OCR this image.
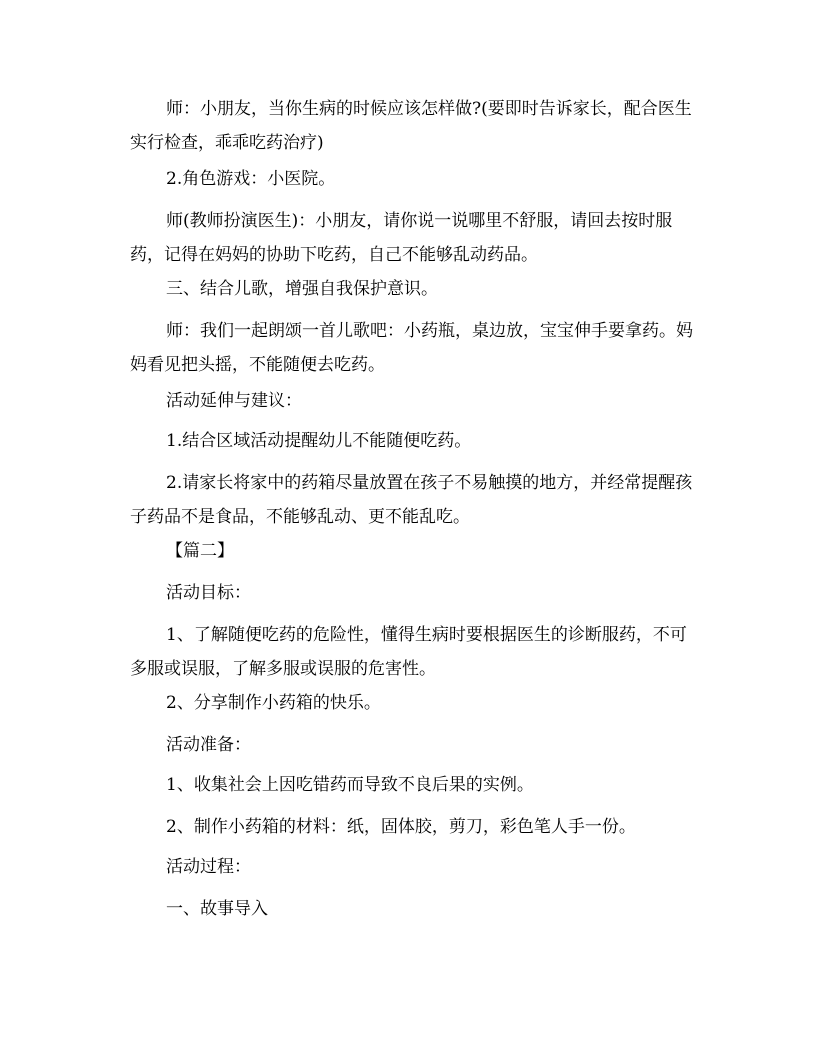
师：小朋友，当你生病的时候应该怎样做?(要即时告诉家长，配合医生实行检查，乖乖吃药治疗)

2.角色游戏：小医院。

师(教师扮演医生)：小朋友，请你说一说哪里不舒服，请回去按时服药，记得在妈妈的协助下吃药，自己不能够乱动药品。

三、结合儿歌，增强自我保护意识。

师：我们一起朗颂一首儿歌吧：小药瓶，桌边放，宝宝伸手要拿药。妈妈看见把头摇，不能随便去吃药。

活动延伸与建议：

1.结合区域活动提醒幼儿不能随便吃药。

2.请家长将家中的药箱尽量放置在孩子不易触摸的地方，并经常提醒孩子药品不是食品，不能够乱动、更不能乱吃。

【篇二】

活动目标：

1、了解随便吃药的危险性，懂得生病时要根据医生的诊断服药，不可多服或误服，了解多服或误服的危害性。

2、分享制作小药箱的快乐。

活动准备：

1、收集社会上因吃错药而导致不良后果的实例。

2、制作小药箱的材料：纸，固体胶，剪刀，彩色笔人手一份。

活动过程：

一、故事导入
